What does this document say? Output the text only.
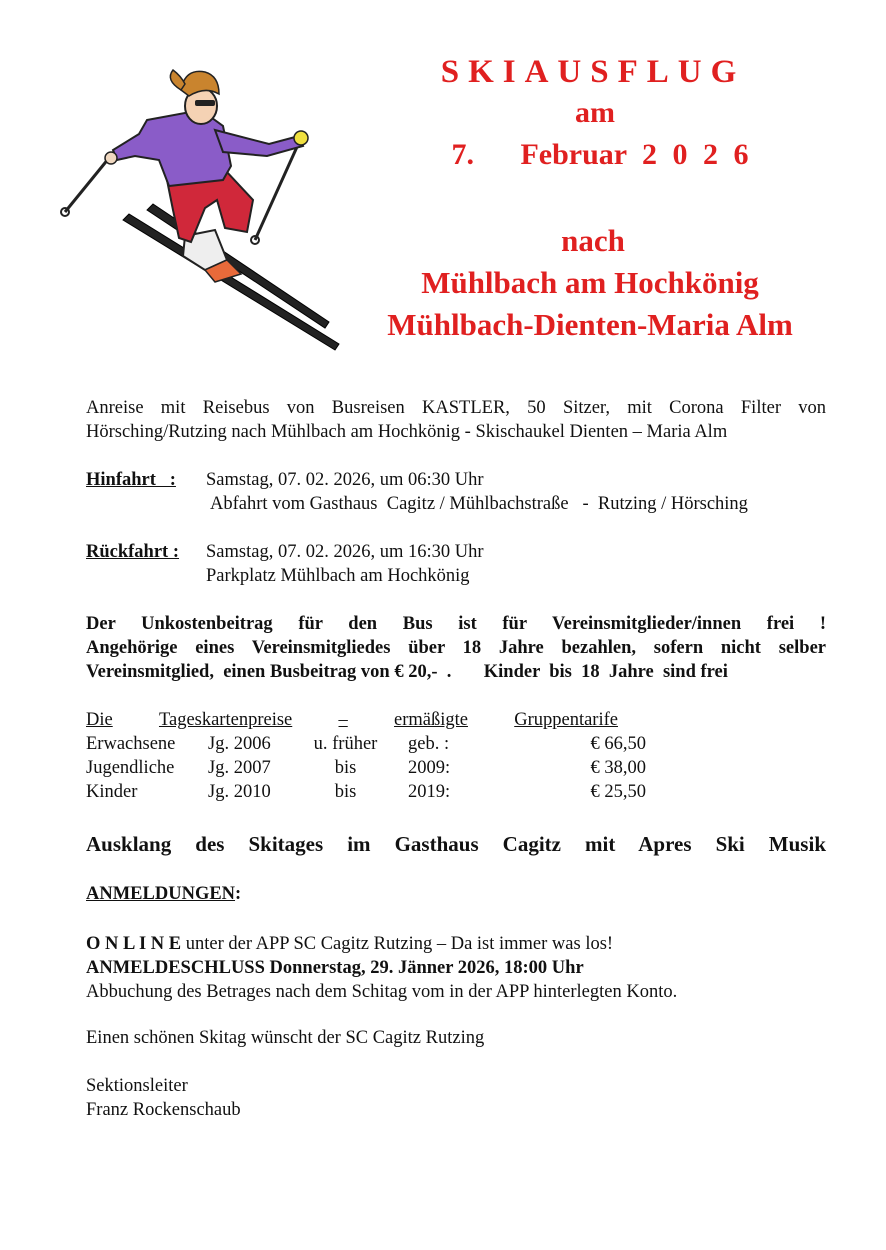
SKIAUSFLUG
am
7.   Februar 2 0 2 6
nach
Mühlbach am Hochkönig
Mühlbach-Dienten-Maria Alm
Anreise mit Reisebus von Busreisen KASTLER, 50 Sitzer, mit Corona Filter von
Hörsching/Rutzing nach Mühlbach am Hochkönig - Skischaukel Dienten – Maria Alm
Hinfahrt   :	Samstag, 07. 02. 2026, um 06:30 Uhr
Abfahrt vom Gasthaus  Cagitz / Mühlbachstraße   -  Rutzing / Hörsching
Rückfahrt :	Samstag, 07. 02. 2026, um 16:30 Uhr
Parkplatz Mühlbach am Hochkönig
Der Unkostenbeitrag für den Bus ist für Vereinsmitglieder/innen frei !
Angehörige eines Vereinsmitgliedes über 18 Jahre bezahlen, sofern nicht selber
Vereinsmitglied,  einen Busbeitrag von € 20,-  .       Kinder  bis  18  Jahre  sind frei
Die	Tageskartenpreise	–	ermäßigte	Gruppentarife
Erwachsene	Jg. 2006	u. früher	geb. :	€ 66,50
Jugendliche	Jg. 2007	bis	2009:	€ 38,00
Kinder	Jg. 2010	bis	2019:	€ 25,50
Ausklang des Skitages im Gasthaus Cagitz mit Apres Ski Musik
ANMELDUNGEN:
O N L I N E unter der APP SC Cagitz Rutzing – Da ist immer was los!
ANMELDESCHLUSS Donnerstag, 29. Jänner 2026, 18:00 Uhr
Abbuchung des Betrages nach dem Schitag vom in der APP hinterlegten Konto.
Einen schönen Skitag wünscht der SC Cagitz Rutzing
Sektionsleiter
Franz Rockenschaub
